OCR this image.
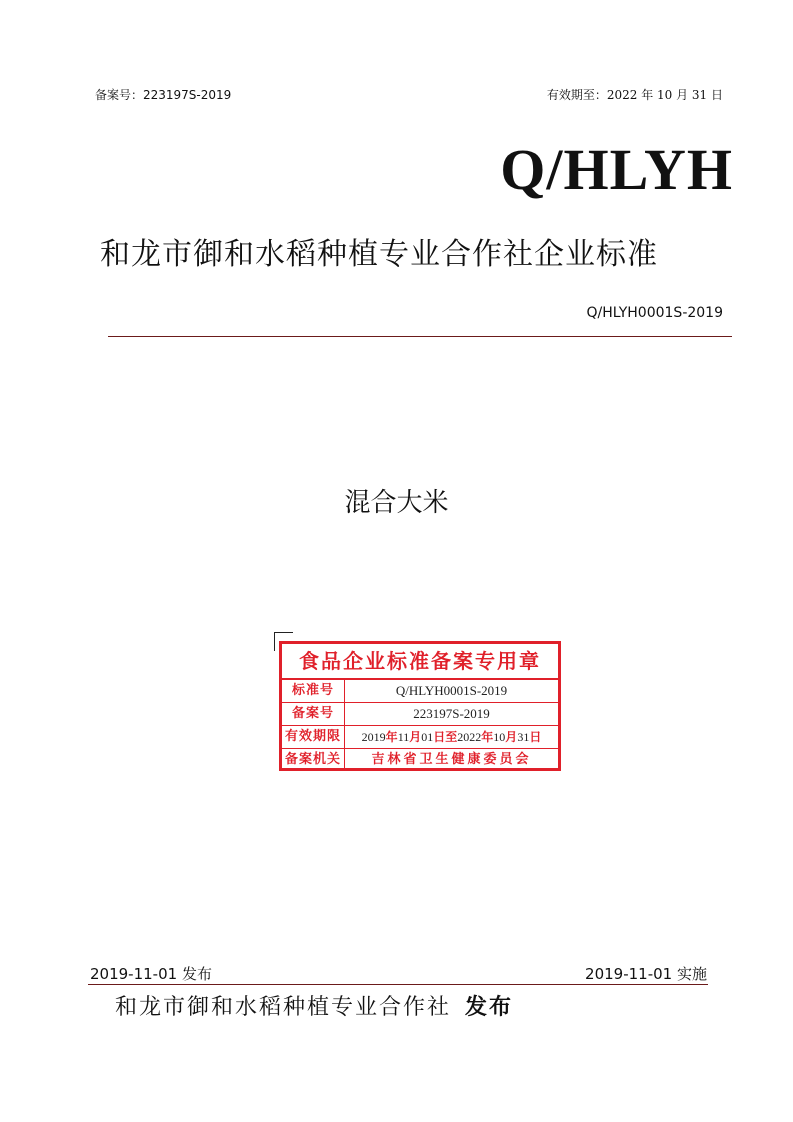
备案号：223197S-2019	有效期至：2022 年 10 月 31 日
Q/HLYH
和龙市御和水稻种植专业合作社企业标准
Q/HLYH0001S-2019
混合大米
食品企业标准备案专用章
标准号	Q/HLYH0001S-2019
备案号	223197S-2019
有效期限	2019年11月01日至2022年10月31日
备案机关	吉林省卫生健康委员会
2019-11-01 发布	2019-11-01 实施
和龙市御和水稻种植专业合作社 发布
